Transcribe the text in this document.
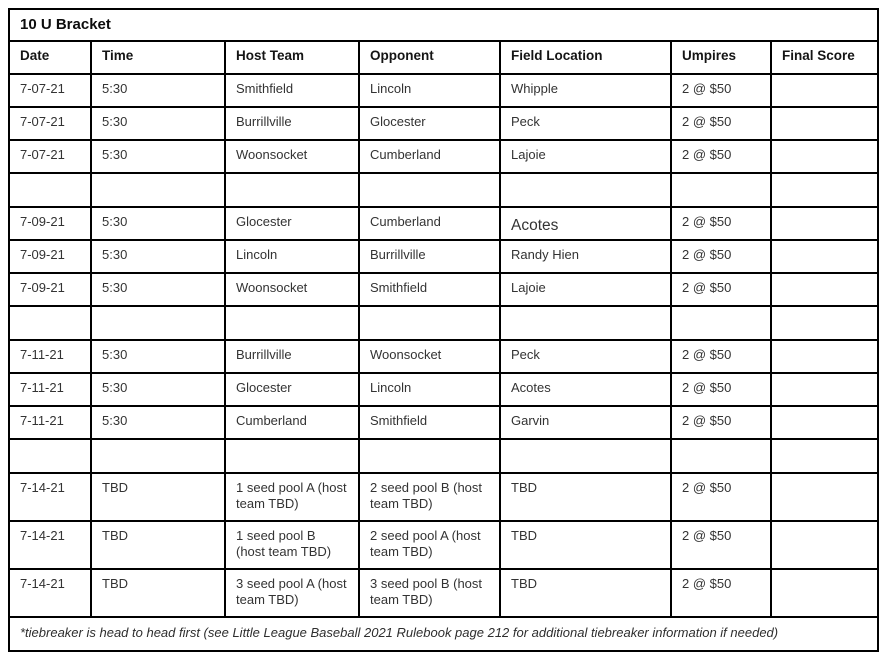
10 U Bracket						
Date	Time	Host Team	Opponent	Field Location	Umpires	Final Score
7-07-21	5:30	Smithfield	Lincoln	Whipple	2 @ $50	
7-07-21	5:30	Burrillville	Glocester	Peck	2 @ $50	
7-07-21	5:30	Woonsocket	Cumberland	Lajoie	2 @ $50	

7-09-21	5:30	Glocester	Cumberland	Acotes	2 @ $50	
7-09-21	5:30	Lincoln	Burrillville	Randy Hien	2 @ $50	
7-09-21	5:30	Woonsocket	Smithfield	Lajoie	2 @ $50	

7-11-21	5:30	Burrillville	Woonsocket	Peck	2 @ $50	
7-11-21	5:30	Glocester	Lincoln	Acotes	2 @ $50	
7-11-21	5:30	Cumberland	Smithfield	Garvin	2 @ $50	

7-14-21	TBD	1 seed pool A (host team TBD)	2 seed pool B (host team TBD)	TBD	2 @ $50	
7-14-21	TBD	1 seed pool B (host team TBD)	2 seed pool A (host team TBD)	TBD	2 @ $50	
7-14-21	TBD	3 seed pool A (host team TBD)	3 seed pool B (host team TBD)	TBD	2 @ $50	
*tiebreaker is head to head first (see Little League Baseball 2021 Rulebook page 212 for additional tiebreaker information if needed)						
